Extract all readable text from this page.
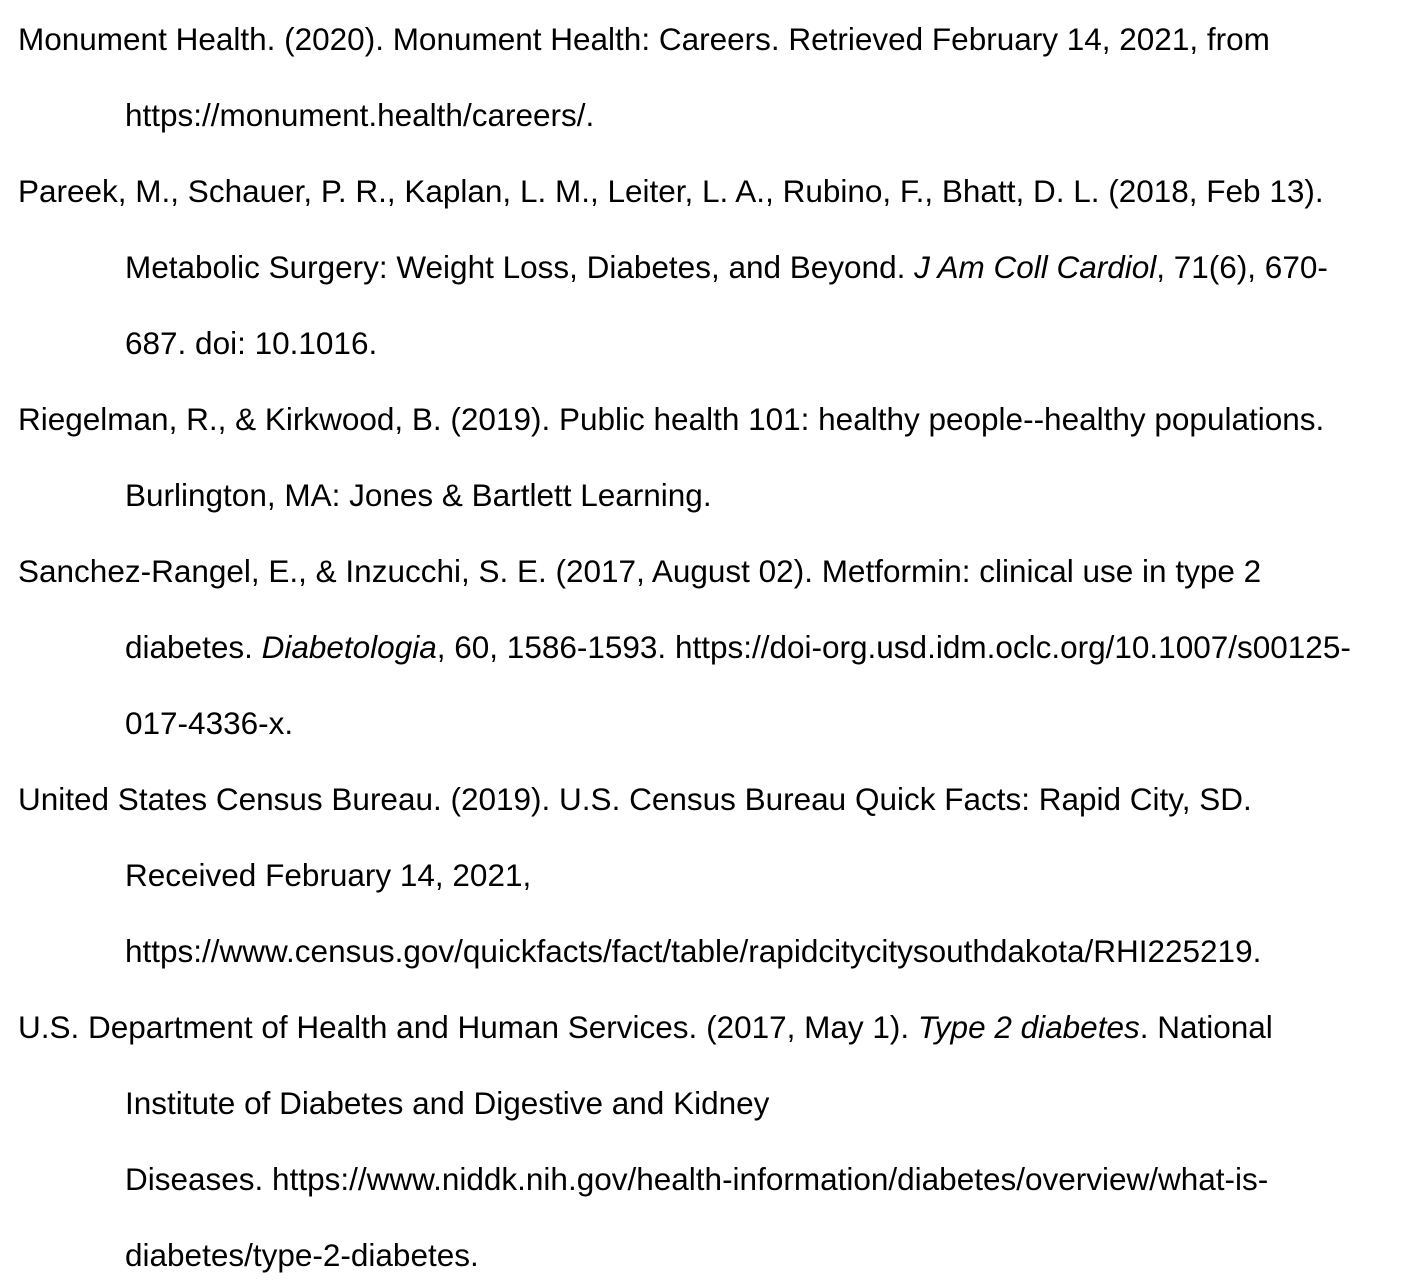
Monument Health. (2020). Monument Health: Careers. Retrieved February 14, 2021, from
https://monument.health/careers/.
Pareek, M., Schauer, P. R., Kaplan, L. M., Leiter, L. A., Rubino, F., Bhatt, D. L. (2018, Feb 13).
Metabolic Surgery: Weight Loss, Diabetes, and Beyond. J Am Coll Cardiol, 71(6), 670-
687. doi: 10.1016.
Riegelman, R., & Kirkwood, B. (2019). Public health 101: healthy people--healthy populations.
Burlington, MA: Jones & Bartlett Learning.
Sanchez-Rangel, E., & Inzucchi, S. E. (2017, August 02). Metformin: clinical use in type 2
diabetes. Diabetologia, 60, 1586-1593. https://doi-org.usd.idm.oclc.org/10.1007/s00125-
017-4336-x.
United States Census Bureau. (2019). U.S. Census Bureau Quick Facts: Rapid City, SD.
Received February 14, 2021,
https://www.census.gov/quickfacts/fact/table/rapidcitycitysouthdakota/RHI225219.
U.S. Department of Health and Human Services. (2017, May 1). Type 2 diabetes. National
Institute of Diabetes and Digestive and Kidney
Diseases. https://www.niddk.nih.gov/health-information/diabetes/overview/what-is-
diabetes/type-2-diabetes.
